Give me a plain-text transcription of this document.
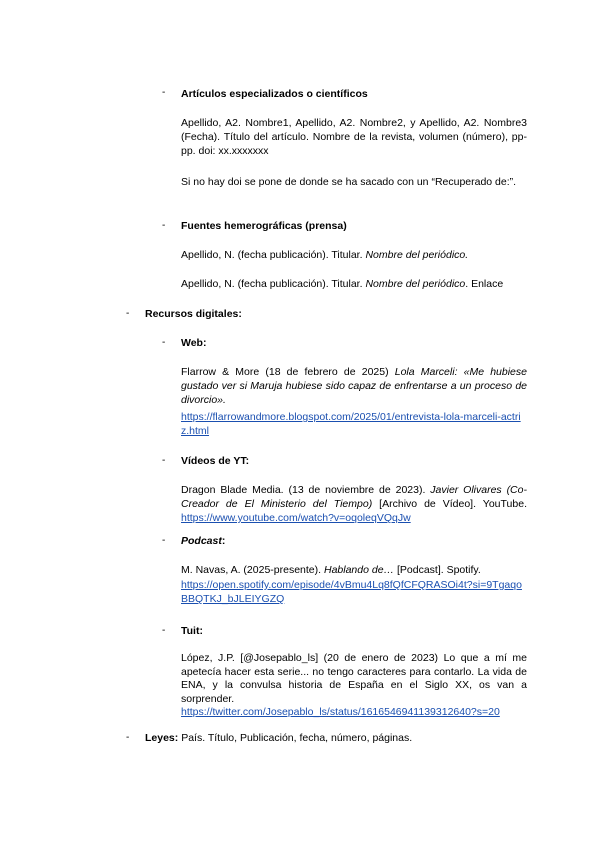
- Artículos especializados o científicos
Apellido, A2. Nombre1, Apellido, A2. Nombre2, y Apellido, A2. Nombre3 (Fecha). Título del artículo. Nombre de la revista, volumen (número), pp-pp. doi: xx.xxxxxxx
Si no hay doi se pone de donde se ha sacado con un “Recuperado de:”.
- Fuentes hemerográficas (prensa)
Apellido, N. (fecha publicación). Titular. Nombre del periódico.
Apellido, N. (fecha publicación). Titular. Nombre del periódico. Enlace
- Recursos digitales:
- Web:
Flarrow & More (18 de febrero de 2025) Lola Marceli: «Me hubiese gustado ver si Maruja hubiese sido capaz de enfrentarse a un proceso de divorcio».
https://flarrowandmore.blogspot.com/2025/01/entrevista-lola-marceli-actriz.html
- Vídeos de YT:
Dragon Blade Media. (13 de noviembre de 2023). Javier Olivares (Co-Creador de El Ministerio del Tiempo) [Archivo de Vídeo]. YouTube. https://www.youtube.com/watch?v=oqoleqVQqJw
- Podcast:
M. Navas, A. (2025-presente). Hablando de… [Podcast]. Spotify.
https://open.spotify.com/episode/4vBmu4Lq8fQfCFQRASOi4t?si=9TgaqoBBQTKJ_bJLEIYGZQ
- Tuit:
López, J.P. [@Josepablo_ls] (20 de enero de 2023) Lo que a mí me apetecía hacer esta serie... no tengo caracteres para contarlo. La vida de ENA, y la convulsa historia de España en el Siglo XX, os van a sorprender. https://twitter.com/Josepablo_ls/status/1616546941139312640?s=20
- Leyes: País. Título, Publicación, fecha, número, páginas.
